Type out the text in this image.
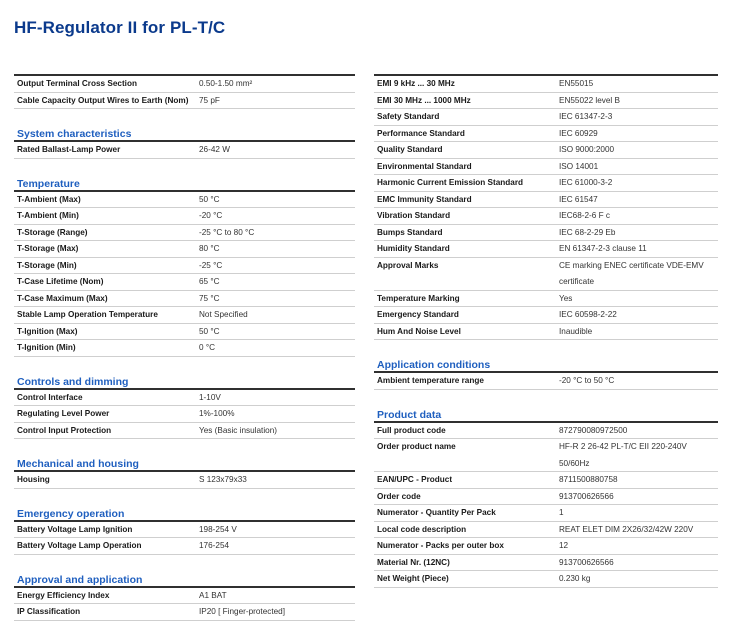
HF-Regulator II for PL-T/C
Output Terminal Cross Section	0.50-1.50 mm²
Cable Capacity Output Wires to Earth (Nom)	75 pF
System characteristics
Rated Ballast-Lamp Power	26-42 W
Temperature
T-Ambient (Max)	50 °C
T-Ambient (Min)	-20 °C
T-Storage (Range)	-25 °C to 80 °C
T-Storage (Max)	80 °C
T-Storage (Min)	-25 °C
T-Case Lifetime (Nom)	65 °C
T-Case Maximum (Max)	75 °C
Stable Lamp Operation Temperature	Not Specified
T-Ignition (Max)	50 °C
T-Ignition (Min)	0 °C
Controls and dimming
Control Interface	1-10V
Regulating Level Power	1%-100%
Control Input Protection	Yes (Basic insulation)
Mechanical and housing
Housing	S 123x79x33
Emergency operation
Battery Voltage Lamp Ignition	198-254 V
Battery Voltage Lamp Operation	176-254
Approval and application
Energy Efficiency Index	A1 BAT
IP Classification	IP20 [ Finger-protected]
EMI 9 kHz ... 30 MHz	EN55015
EMI 30 MHz ... 1000 MHz	EN55022 level B
Safety Standard	IEC 61347-2-3
Performance Standard	IEC 60929
Quality Standard	ISO 9000:2000
Environmental Standard	ISO 14001
Harmonic Current Emission Standard	IEC 61000-3-2
EMC Immunity Standard	IEC 61547
Vibration Standard	IEC68-2-6 F c
Bumps Standard	IEC 68-2-29 Eb
Humidity Standard	EN 61347-2-3 clause 11
Approval Marks	CE marking ENEC certificate VDE-EMV
certificate
Temperature Marking	Yes
Emergency Standard	IEC 60598-2-22
Hum And Noise Level	Inaudible
Application conditions
Ambient temperature range	-20 °C to 50 °C
Product data
Full product code	872790080972500
Order product name	HF-R 2 26-42 PL-T/C EII 220-240V
50/60Hz
EAN/UPC - Product	8711500880758
Order code	913700626566
Numerator - Quantity Per Pack	1
Local code description	REAT ELET DIM 2X26/32/42W 220V
Numerator - Packs per outer box	12
Material Nr. (12NC)	913700626566
Net Weight (Piece)	0.230 kg
